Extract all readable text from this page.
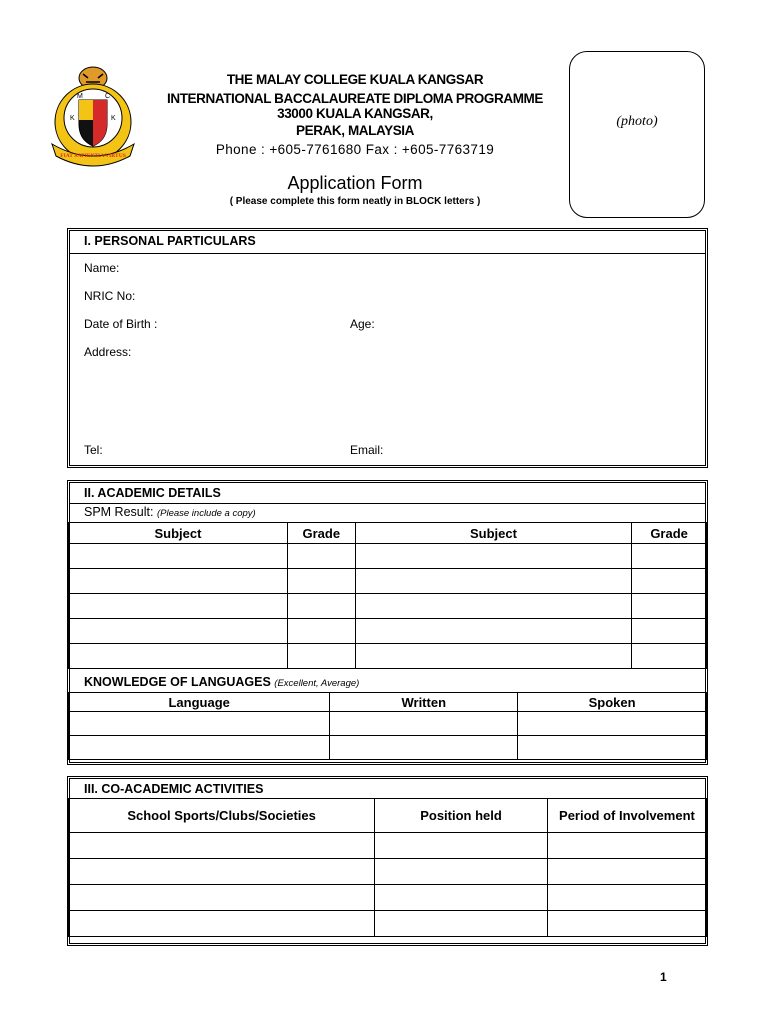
M	C
K	K
FIAT SAPIENTIA VIRTUS
THE MALAY COLLEGE KUALA KANGSAR
INTERNATIONAL BACCALAUREATE DIPLOMA PROGRAMME
33000 KUALA KANGSAR,
PERAK, MALAYSIA
Phone : +605-7761680 Fax : +605-7763719
(photo)
Application Form
( Please complete this form neatly in BLOCK letters )
I. PERSONAL PARTICULARS
Name:
NRIC No:
Date of Birth :	Age:
Address:
Tel:	Email:
II. ACADEMIC DETAILS
SPM Result: (Please include a copy)
Subject	Grade	Subject	Grade

KNOWLEDGE OF LANGUAGES (Excellent, Average)
Language	Written	Spoken

III. CO-ACADEMIC ACTIVITIES
School Sports/Clubs/Societies	Position held	Period of Involvement

1
